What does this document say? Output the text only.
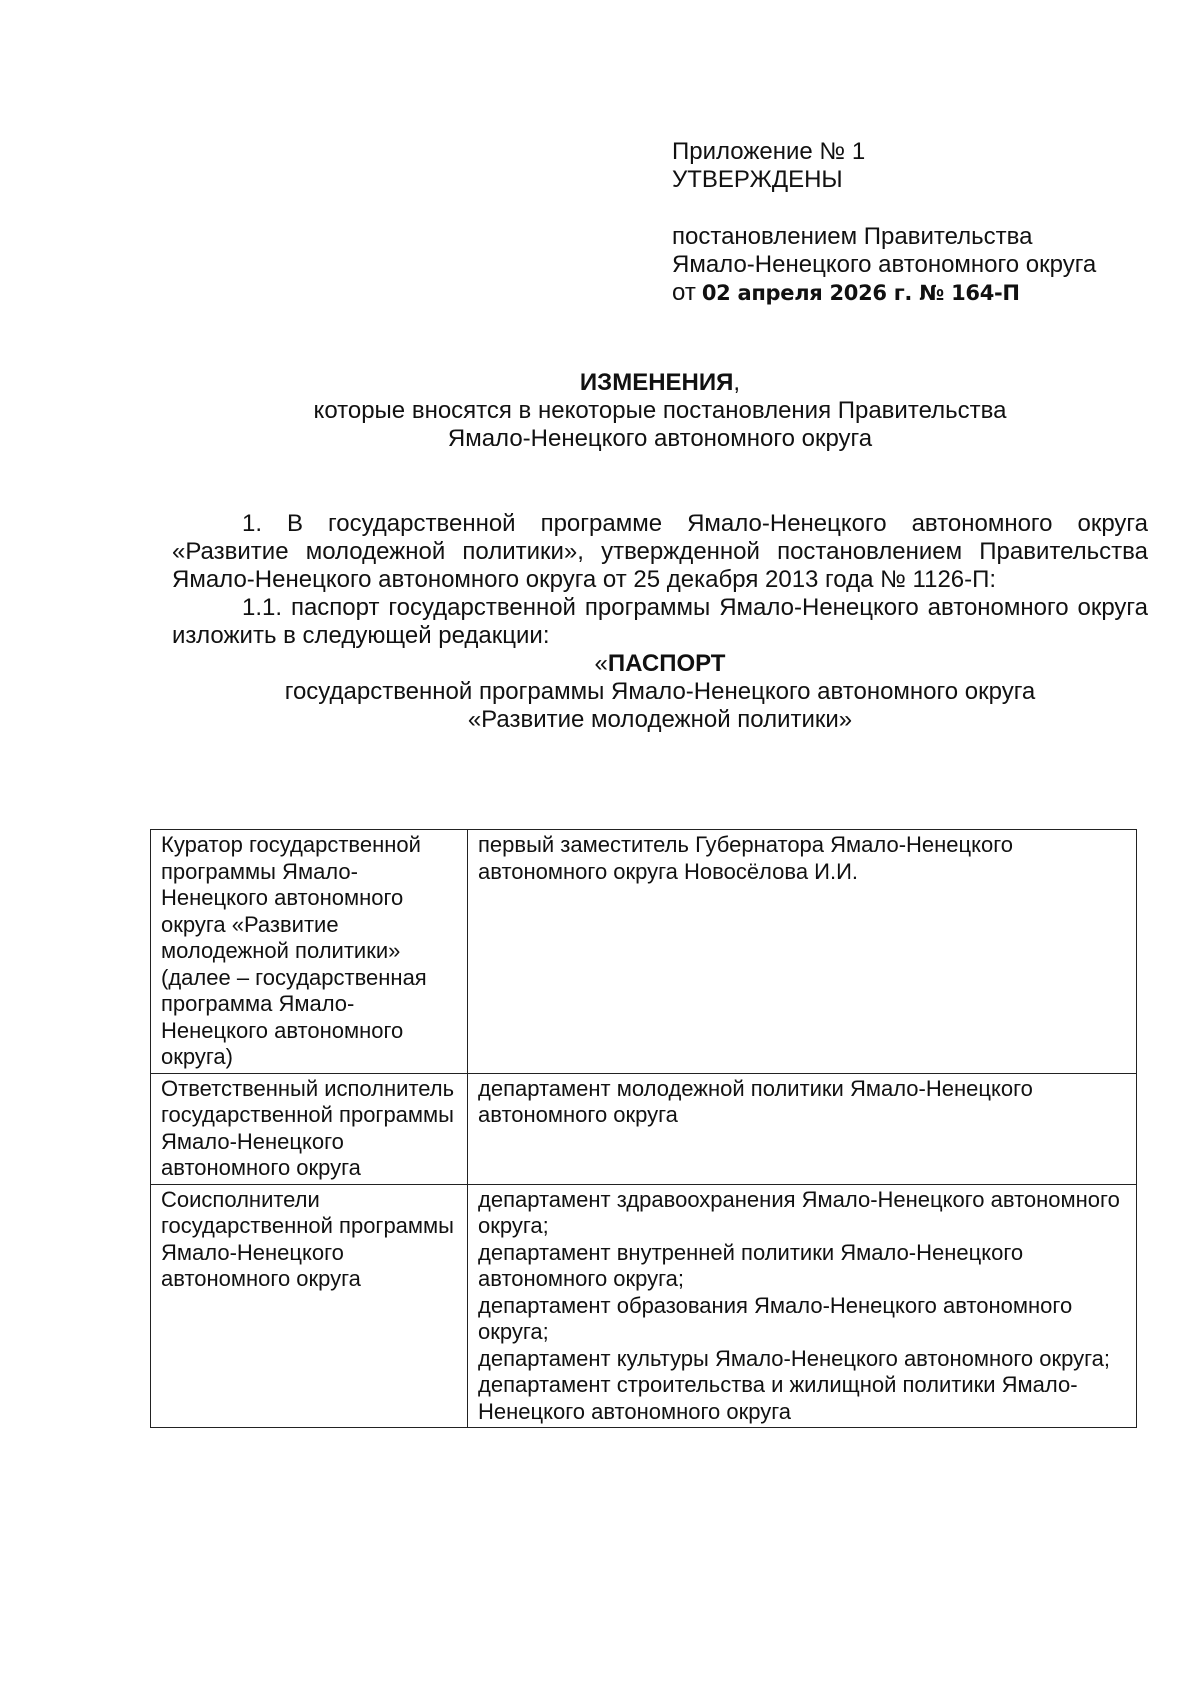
Приложение № 1
УТВЕРЖДЕНЫ
постановлением Правительства
Ямало-Ненецкого автономного округа
от 02 апреля 2026 г. № 164-П
ИЗМЕНЕНИЯ,
которые вносятся в некоторые постановления Правительства
Ямало-Ненецкого автономного округа

1. В государственной программе Ямало-Ненецкого автономного округа «Развитие молодежной политики», утвержденной постановлением Правительства Ямало-Ненецкого автономного округа от 25 декабря 2013 года № 1126-П:

1.1. паспорт государственной программы Ямало-Ненецкого автономного округа изложить в следующей редакции:

«ПАСПОРТ
государственной программы Ямало-Ненецкого автономного округа
«Развитие молодежной политики»
Куратор государственной программы Ямало-Ненецкого автономного округа «Развитие молодежной политики» (далее – государственная программа Ямало-Ненецкого автономного округа)	первый заместитель Губернатора Ямало-Ненецкого автономного округа Новосёлова И.И.

Ответственный исполнитель государственной программы Ямало-Ненецкого автономного округа	департамент молодежной политики Ямало-Ненецкого автономного округа

Соисполнители государственной программы Ямало-Ненецкого автономного округа	департамент здравоохранения Ямало-Ненецкого автономного округа;
департамент внутренней политики Ямало-Ненецкого автономного округа;
департамент образования Ямало-Ненецкого автономного округа;
департамент культуры Ямало-Ненецкого автономного округа;
департамент строительства и жилищной политики Ямало-Ненецкого автономного округа
